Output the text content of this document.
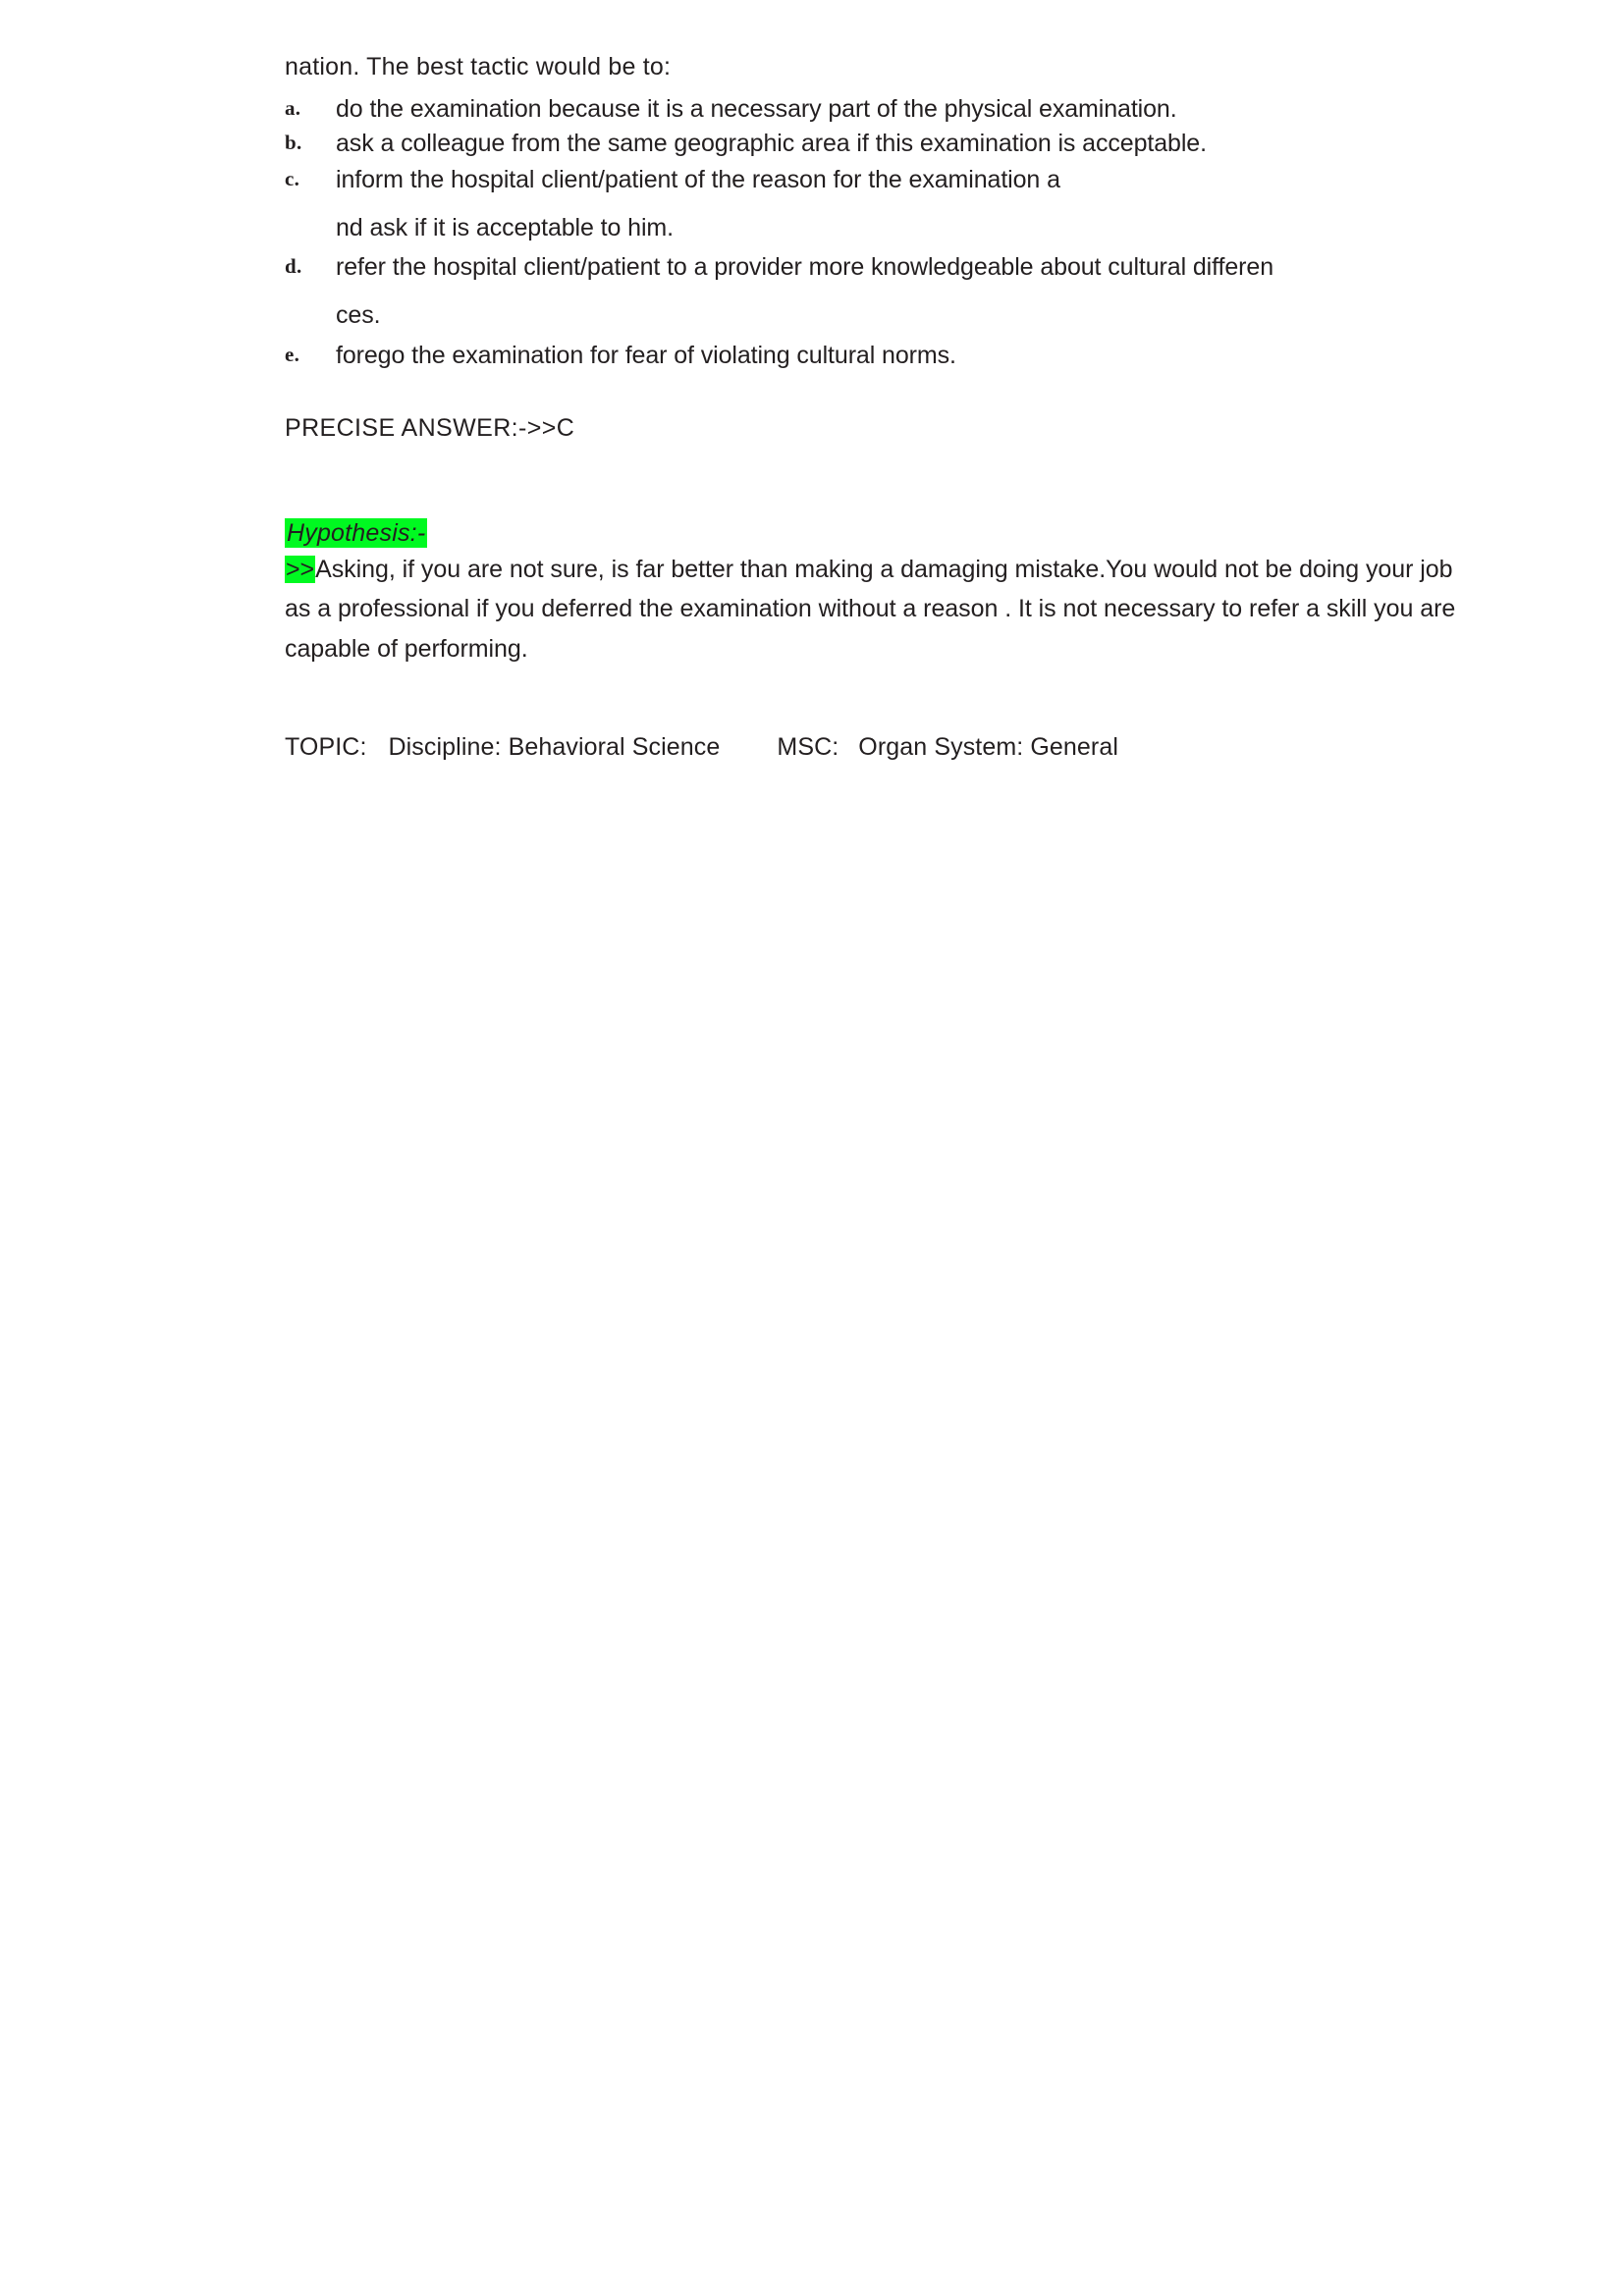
nation. The best tactic would be to:

a. do the examination because it is a necessary part of the physical examination.
b. ask a colleague from the same geographic area if this examination is acceptable.
c. inform the hospital client/patient of the reason for the examination a
nd ask if it is acceptable to him.
d. refer the hospital client/patient to a provider more knowledgeable about cultural differen
ces.
e. forego the examination for fear of violating cultural norms.

PRECISE ANSWER:->>C

Hypothesis:-
>>Asking, if you are not sure, is far better than making a damaging mistake.You would not be doing your job as a professional if you deferred the examination without a reason . It is not necessary to refer a skill you are capable of performing.
TOPIC: Discipline: Behavioral Science MSC: Organ System: General
